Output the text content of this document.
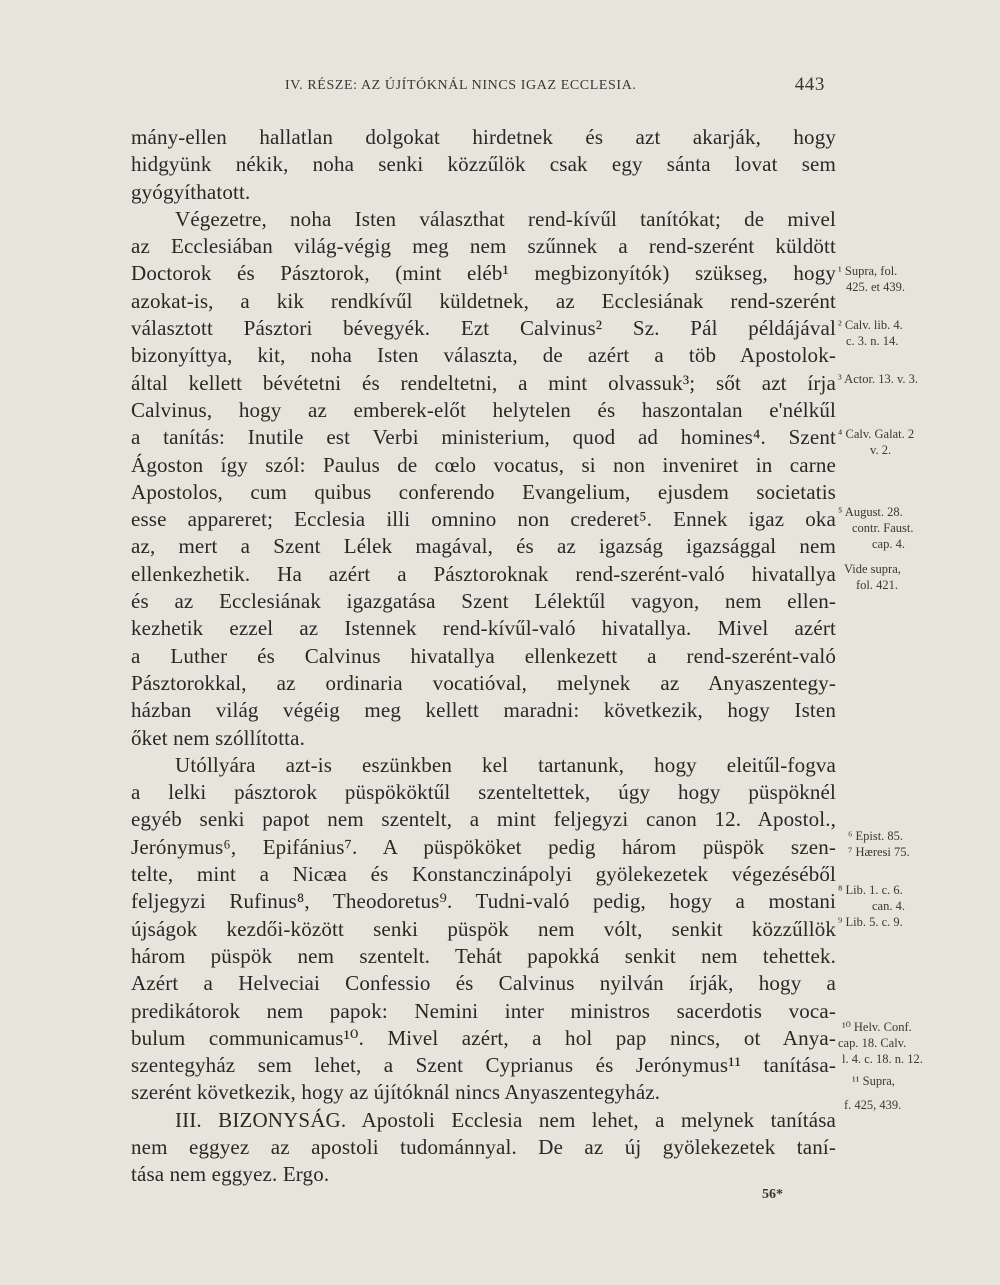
IV. RÉSZE: AZ ÚJÍTÓKNÁL NINCS IGAZ ECCLESIA.	443
mány-ellen hallatlan dolgokat hirdetnek és azt akarják, hogy
hidgyünk nékik, noha senki közzűlök csak egy sánta lovat sem
gyógyíthatott.
Végezetre, noha Isten választhat rend-kívűl tanítókat; de mivel
az Ecclesiában világ-végig meg nem szűnnek a rend-szerént küldött
Doctorok és Pásztorok, (mint eléb¹ megbizonyítók) szükseg, hogy
azokat-is, a kik rendkívűl küldetnek, az Ecclesiának rend-szerént
választott Pásztori bévegyék. Ezt Calvinus² Sz. Pál példájával
bizonyíttya, kit, noha Isten választa, de azért a töb Apostolok-
által kellett bévétetni és rendeltetni, a mint olvassuk³; sőt azt írja
Calvinus, hogy az emberek-előt helytelen és haszontalan e'nélkűl
a tanítás: Inutile est Verbi ministerium, quod ad homines⁴. Szent
Ágoston így szól: Paulus de cœlo vocatus, si non inveniret in carne
Apostolos, cum quibus conferendo Evangelium, ejusdem societatis
esse appareret; Ecclesia illi omnino non crederet⁵. Ennek igaz oka
az, mert a Szent Lélek magával, és az igazság igazsággal nem
ellenkezhetik. Ha azért a Pásztoroknak rend-szerént-való hivatallya
és az Ecclesiának igazgatása Szent Lélektűl vagyon, nem ellen-
kezhetik ezzel az Istennek rend-kívűl-való hivatallya. Mivel azért
a Luther és Calvinus hivatallya ellenkezett a rend-szerént-való
Pásztorokkal, az ordinaria vocatióval, melynek az Anyaszentegy-
házban világ végéig meg kellett maradni: következik, hogy Isten
őket nem szóllította.
Utóllyára azt-is eszünkben kel tartanunk, hogy eleitűl-fogva
a lelki pásztorok püspököktűl szenteltettek, úgy hogy püspöknél
egyéb senki papot nem szentelt, a mint feljegyzi canon 12. Apostol.,
Jerónymus⁶, Epifánius⁷. A püspököket pedig három püspök szen-
telte, mint a Nicæa és Konstanczinápolyi gyölekezetek végezéséből
feljegyzi Rufinus⁸, Theodoretus⁹. Tudni-való pedig, hogy a mostani
újságok kezdői-között senki püspök nem vólt, senkit közzűllök
három püspök nem szentelt. Tehát papokká senkit nem tehettek.
Azért a Helveciai Confessio és Calvinus nyilván írják, hogy a
predikátorok nem papok: Nemini inter ministros sacerdotis voca-
bulum communicamus¹⁰. Mivel azért, a hol pap nincs, ot Anya-
szentegyház sem lehet, a Szent Cyprianus és Jerónymus¹¹ tanítása-
szerént következik, hogy az újítóknál nincs Anyaszentegyház.
III. BIZONYSÁG. Apostoli Ecclesia nem lehet, a melynek tanítása
nem eggyez az apostoli tudománnyal. De az új gyölekezetek taní-
tása nem eggyez. Ergo.
¹ Supra, fol.
425. et 439.
² Calv. lib. 4.
c. 3. n. 14.
³ Actor. 13. v. 3.
⁴ Calv. Galat. 2
v. 2.
⁵ August. 28.
contr. Faust.
cap. 4.
Vide supra,
fol. 421.
⁶ Epist. 85.
⁷ Hæresi 75.
⁸ Lib. 1. c. 6.
can. 4.
⁹ Lib. 5. c. 9.
¹⁰ Helv. Conf.
cap. 18. Calv.
l. 4. c. 18. n. 12.
¹¹ Supra,
f. 425, 439.
56*
